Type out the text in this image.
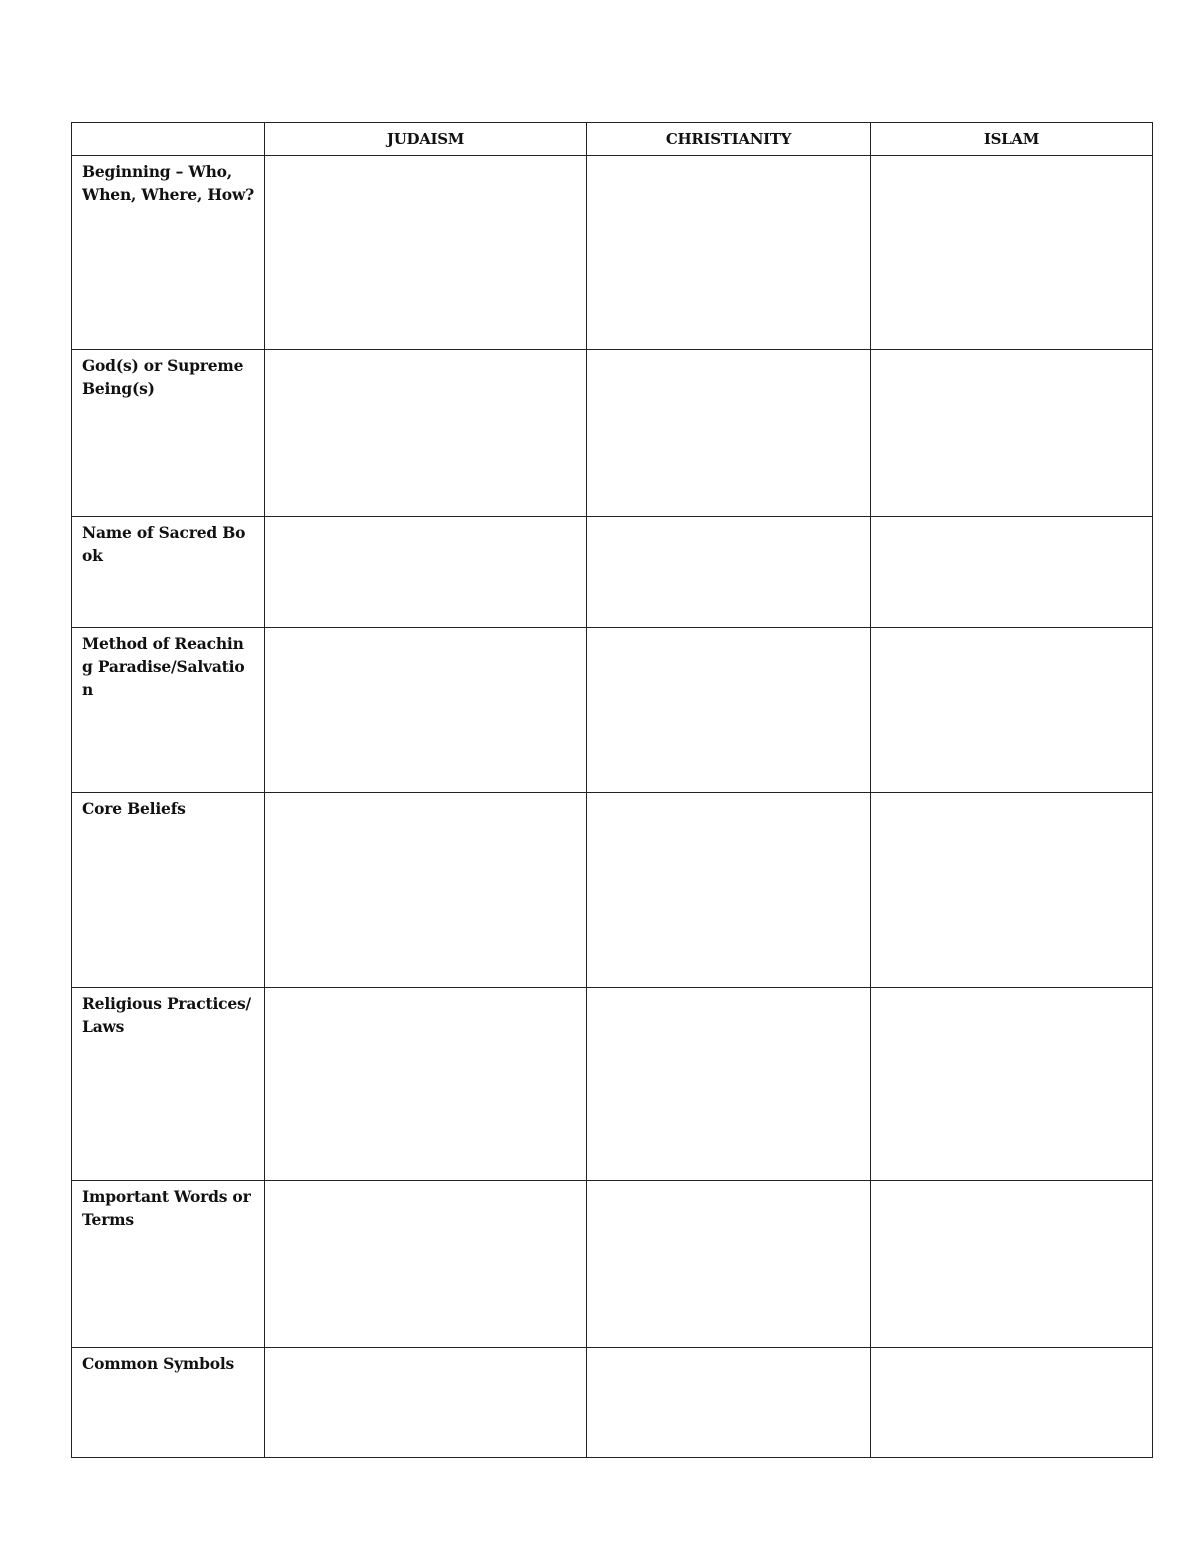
	JUDAISM	CHRISTIANITY	ISLAM
Beginning – Who, When, Where, How?			
God(s) or Supreme Being(s)			
Name of Sacred Book			
Method of Reaching Paradise/Salvation			
Core Beliefs			
Religious Practices/Laws			
Important Words or Terms			
Common Symbols			
